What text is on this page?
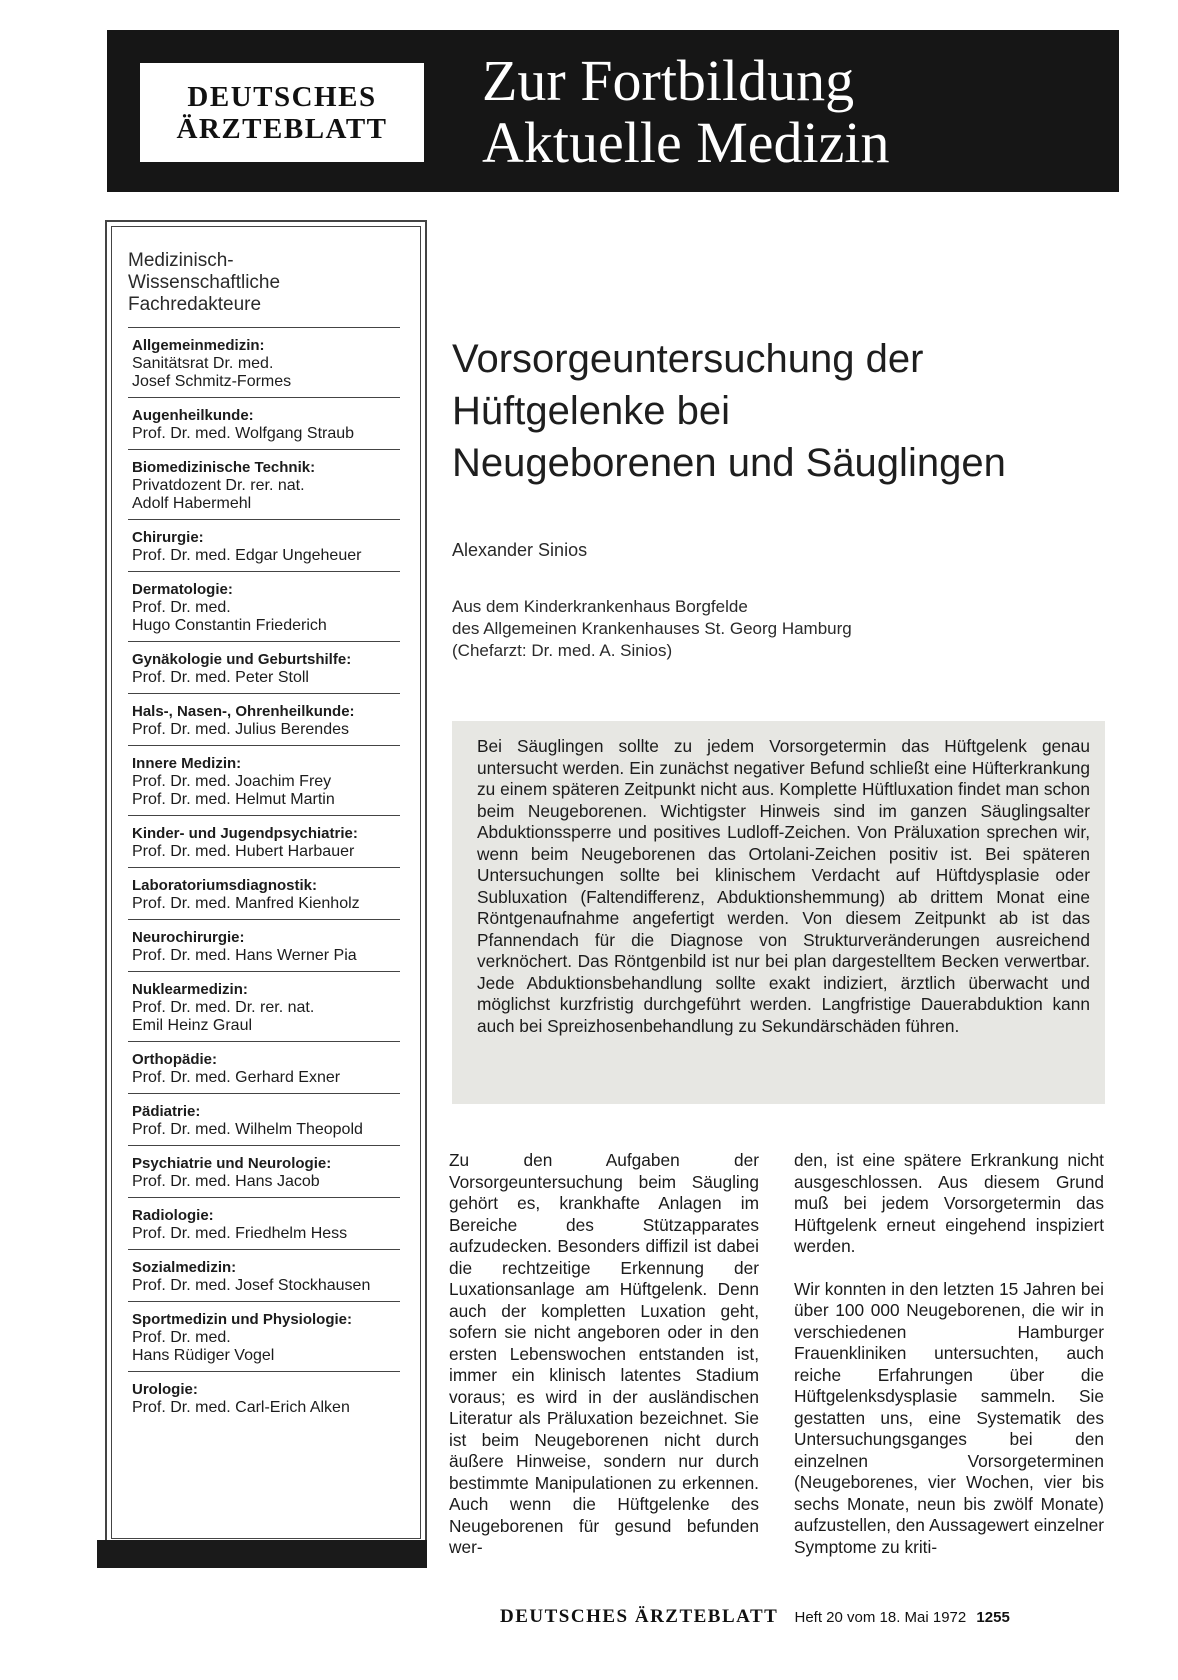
DEUTSCHES
ÄRZTEBLATT
Zur Fortbildung
Aktuelle Medizin
Medizinisch-
Wissenschaftliche
Fachredakteure
Allgemeinmedizin:
Sanitätsrat Dr. med.
Josef Schmitz-Formes
Augenheilkunde:
Prof. Dr. med. Wolfgang Straub
Biomedizinische Technik:
Privatdozent Dr. rer. nat.
Adolf Habermehl
Chirurgie:
Prof. Dr. med. Edgar Ungeheuer
Dermatologie:
Prof. Dr. med.
Hugo Constantin Friederich
Gynäkologie und Geburtshilfe:
Prof. Dr. med. Peter Stoll
Hals-, Nasen-, Ohrenheilkunde:
Prof. Dr. med. Julius Berendes
Innere Medizin:
Prof. Dr. med. Joachim Frey
Prof. Dr. med. Helmut Martin
Kinder- und Jugendpsychiatrie:
Prof. Dr. med. Hubert Harbauer
Laboratoriumsdiagnostik:
Prof. Dr. med. Manfred Kienholz
Neurochirurgie:
Prof. Dr. med. Hans Werner Pia
Nuklearmedizin:
Prof. Dr. med. Dr. rer. nat.
Emil Heinz Graul
Orthopädie:
Prof. Dr. med. Gerhard Exner
Pädiatrie:
Prof. Dr. med. Wilhelm Theopold
Psychiatrie und Neurologie:
Prof. Dr. med. Hans Jacob
Radiologie:
Prof. Dr. med. Friedhelm Hess
Sozialmedizin:
Prof. Dr. med. Josef Stockhausen
Sportmedizin und Physiologie:
Prof. Dr. med.
Hans Rüdiger Vogel
Urologie:
Prof. Dr. med. Carl-Erich Alken
Vorsorgeuntersuchung der
Hüftgelenke bei
Neugeborenen und Säuglingen
Alexander Sinios
Aus dem Kinderkrankenhaus Borgfelde
des Allgemeinen Krankenhauses St. Georg Hamburg
(Chefarzt: Dr. med. A. Sinios)
Bei Säuglingen sollte zu jedem Vorsorgetermin das Hüftgelenk genau untersucht werden. Ein zunächst negativer Befund schließt eine Hüfterkrankung zu einem späteren Zeitpunkt nicht aus. Komplette Hüftluxation findet man schon beim Neugeborenen. Wichtigster Hinweis sind im ganzen Säuglingsalter Abduktionssperre und positives Ludloff-Zeichen. Von Präluxation sprechen wir, wenn beim Neugeborenen das Ortolani-Zeichen positiv ist. Bei späteren Untersuchungen sollte bei klinischem Verdacht auf Hüftdysplasie oder Subluxation (Faltendifferenz, Abduktionshemmung) ab drittem Monat eine Röntgenaufnahme angefertigt werden. Von diesem Zeitpunkt ab ist das Pfannendach für die Diagnose von Strukturveränderungen ausreichend verknöchert. Das Röntgenbild ist nur bei plan dargestelltem Becken verwertbar. Jede Abduktionsbehandlung sollte exakt indiziert, ärztlich überwacht und möglichst kurzfristig durchgeführt werden. Langfristige Dauerabduktion kann auch bei Spreizhosenbehandlung zu Sekundärschäden führen.

Zu den Aufgaben der Vorsorgeuntersuchung beim Säugling gehört es, krankhafte Anlagen im Bereiche des Stützapparates aufzudecken. Besonders diffizil ist dabei die rechtzeitige Erkennung der Luxationsanlage am Hüftgelenk. Denn auch der kompletten Luxation geht, sofern sie nicht angeboren oder in den ersten Lebenswochen entstanden ist, immer ein klinisch latentes Stadium voraus; es wird in der ausländischen Literatur als Präluxation bezeichnet. Sie ist beim Neugeborenen nicht durch äußere Hinweise, sondern nur durch bestimmte Manipulationen zu erkennen. Auch wenn die Hüftgelenke des Neugeborenen für gesund befunden wer-

den, ist eine spätere Erkrankung nicht ausgeschlossen. Aus diesem Grund muß bei jedem Vorsorgetermin das Hüftgelenk erneut eingehend inspiziert werden.

Wir konnten in den letzten 15 Jahren bei über 100 000 Neugeborenen, die wir in verschiedenen Hamburger Frauenkliniken untersuchten, auch reiche Erfahrungen über die Hüftgelenksdysplasie sammeln. Sie gestatten uns, eine Systematik des Untersuchungsganges bei den einzelnen Vorsorgeterminen (Neugeborenes, vier Wochen, vier bis sechs Monate, neun bis zwölf Monate) aufzustellen, den Aussagewert einzelner Symptome zu kriti-

DEUTSCHES ÄRZTEBLATT Heft 20 vom 18. Mai 1972 1255
